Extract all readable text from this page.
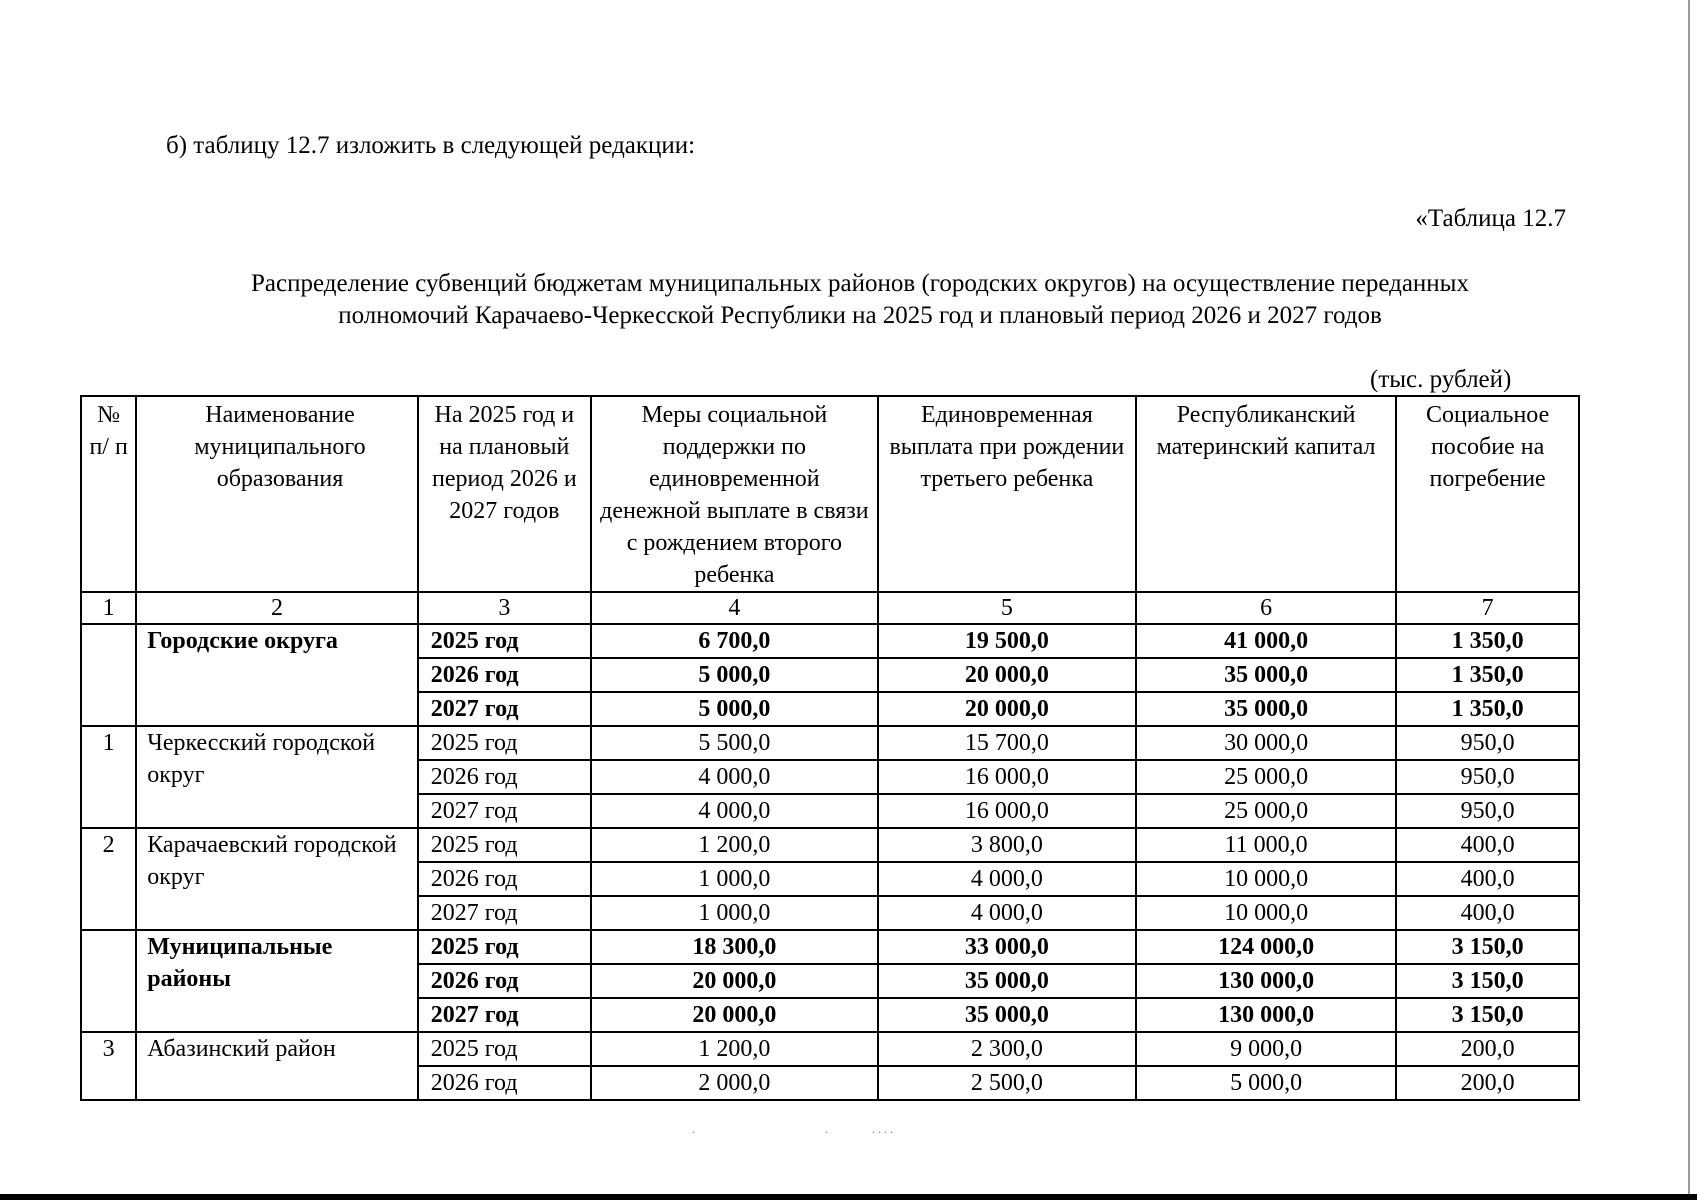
б) таблицу 12.7 изложить в следующей редакции:
«Таблица 12.7
Распределение субвенций бюджетам муниципальных районов (городских округов) на осуществление переданных
полномочий Карачаево-Черкесской Республики на 2025 год и плановый период 2026 и 2027 годов
(тыс. рублей)
№ п/ п	Наименование муниципального образования	На 2025 год и на плановый период 2026 и 2027 годов	Меры социальной поддержки по единовременной денежной выплате в связи с рождением второго ребенка	Единовременная выплата при рождении третьего ребенка	Республиканский материнский капитал	Социальное пособие на погребение
1	2	3	4	5	6	7
	Городские округа	2025 год	6 700,0	19 500,0	41 000,0	1 350,0
		2026 год	5 000,0	20 000,0	35 000,0	1 350,0
		2027 год	5 000,0	20 000,0	35 000,0	1 350,0
1	Черкесский городской округ	2025 год	5 500,0	15 700,0	30 000,0	950,0
		2026 год	4 000,0	16 000,0	25 000,0	950,0
		2027 год	4 000,0	16 000,0	25 000,0	950,0
2	Карачаевский городской округ	2025 год	1 200,0	3 800,0	11 000,0	400,0
		2026 год	1 000,0	4 000,0	10 000,0	400,0
		2027 год	1 000,0	4 000,0	10 000,0	400,0
	Муниципальные районы	2025 год	18 300,0	33 000,0	124 000,0	3 150,0
		2026 год	20 000,0	35 000,0	130 000,0	3 150,0
		2027 год	20 000,0	35 000,0	130 000,0	3 150,0
3	Абазинский район	2025 год	1 200,0	2 300,0	9 000,0	200,0
		2026 год	2 000,0	2 500,0	5 000,0	200,0
.	.	. . . .
